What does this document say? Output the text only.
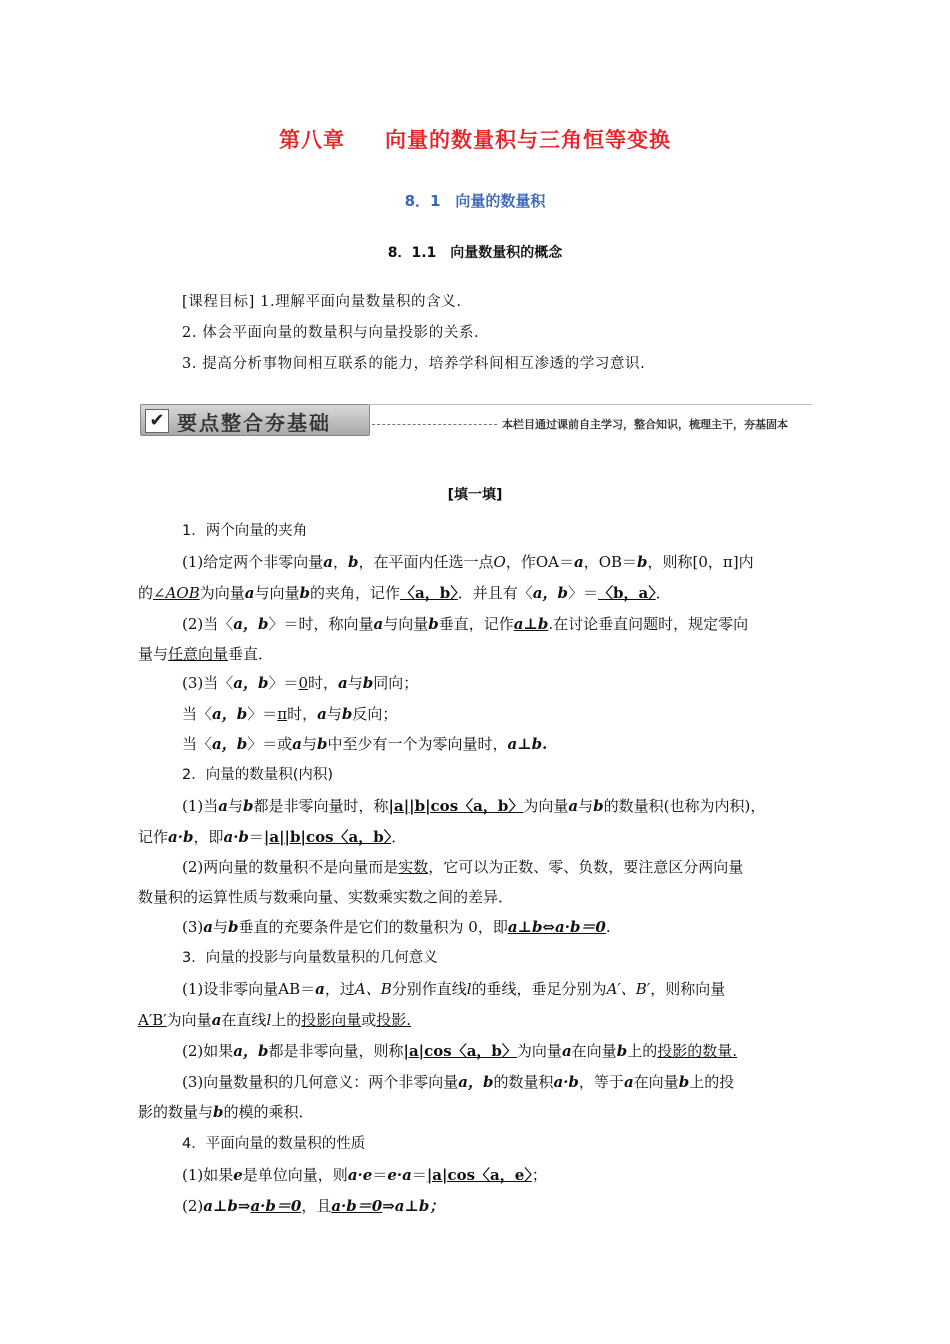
第八章 向量的数量积与三角恒等变换
8．1　向量的数量积
8．1.1　向量数量积的概念
[课程目标] 1.理解平面向量数量积的含义.
2. 体会平面向量的数量积与向量投影的关系.
3. 提高分析事物间相互联系的能力，培养学科间相互渗透的学习意识.
✔ 要点整合夯基础	本栏目通过课前自主学习，整合知识，梳理主干，夯基固本
[填一填]
1．两个向量的夹角
(1)给定两个非零向量a，b，在平面内任选一点O，作OA＝a，OB＝b，则称[0，π]内
的∠AOB为向量a与向量b的夹角，记作〈a，b〉．并且有〈a，b〉＝〈b，a〉．
(2)当〈a，b〉＝时，称向量a与向量b垂直，记作a⊥b.在讨论垂直问题时，规定零向
量与任意向量垂直．
(3)当〈a，b〉＝0时，a与b同向；
当〈a，b〉＝π时，a与b反向；
当〈a，b〉＝或a与b中至少有一个为零向量时，a⊥b.
2．向量的数量积(内积)
(1)当a与b都是非零向量时，称|a||b|cos〈a，b〉为向量a与b的数量积(也称为内积)，
记作a·b，即a·b＝|a||b|cos〈a，b〉．
(2)两向量的数量积不是向量而是实数，它可以为正数、零、负数，要注意区分两向量
数量积的运算性质与数乘向量、实数乘实数之间的差异．
(3)a与b垂直的充要条件是它们的数量积为 0，即a⊥b⇔a·b＝0.
3．向量的投影与向量数量积的几何意义
(1)设非零向量AB＝a，过A、B分别作直线l的垂线，垂足分别为A′、B′，则称向量
A′B′为向量a在直线l上的投影向量或投影.
(2)如果a，b都是非零向量，则称|a|cos〈a，b〉为向量a在向量b上的投影的数量.
(3)向量数量积的几何意义：两个非零向量a，b的数量积a·b，等于a在向量b上的投
影的数量与b的模的乘积．
4．平面向量的数量积的性质
(1)如果e是单位向量，则a·e＝e·a＝|a|cos〈a，e〉；
(2)a⊥b⇒a·b＝0，且a·b＝0⇒a⊥b；
